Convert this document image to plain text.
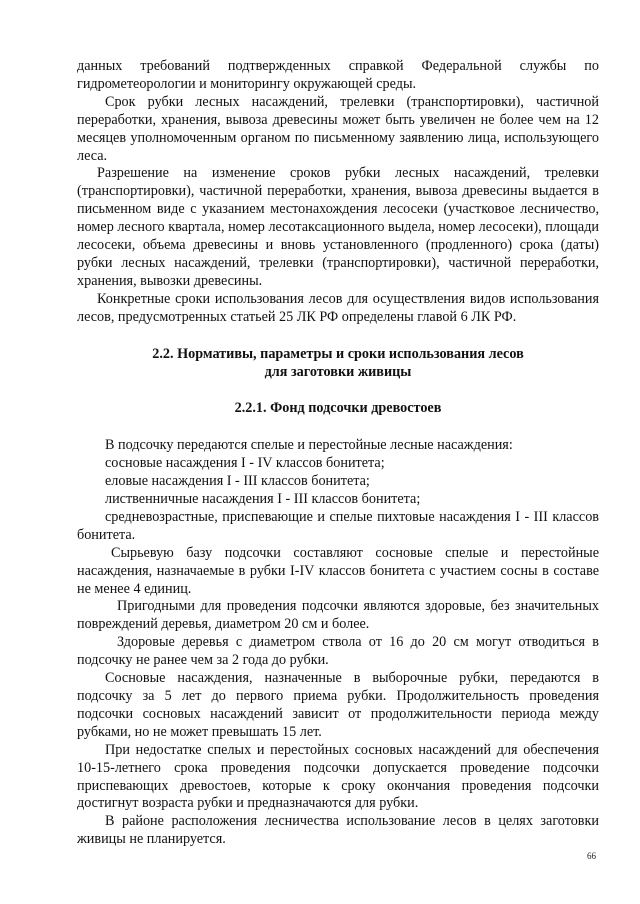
данных требований подтвержденных справкой Федеральной службы по гидрометеорологии и мониторингу окружающей среды.

Срок рубки лесных насаждений, трелевки (транспортировки), частичной переработки, хранения, вывоза древесины может быть увеличен не более чем на 12 месяцев уполномоченным органом по письменному заявлению лица, использующего леса.

Разрешение на изменение сроков рубки лесных насаждений, трелевки (транспортировки), частичной переработки, хранения, вывоза древесины выдается в письменном виде с указанием местонахождения лесосеки (участковое лесничество, номер лесного квартала, номер лесотаксационного выдела, номер лесосеки), площади лесосеки, объема древесины и вновь установленного (продленного) срока (даты) рубки лесных насаждений, трелевки (транспортировки), частичной переработки, хранения, вывозки древесины.

Конкретные сроки использования лесов для осуществления видов использования лесов, предусмотренных статьей 25 ЛК РФ определены главой 6 ЛК РФ.

2.2. Нормативы, параметры и сроки использования лесов для заготовки живицы

2.2.1. Фонд подсочки древостоев

В подсочку передаются спелые и перестойные лесные насаждения:

сосновые насаждения I - IV классов бонитета;

еловые насаждения I - III классов бонитета;

лиственничные насаждения I - III классов бонитета;

средневозрастные, приспевающие и спелые пихтовые насаждения I - III классов бонитета.

Сырьевую базу подсочки составляют сосновые спелые и перестойные насаждения, назначаемые в рубки I-IV классов бонитета с участием сосны в составе не менее 4 единиц.

Пригодными для проведения подсочки являются здоровые, без значительных повреждений деревья, диаметром 20 см и более.

Здоровые деревья с диаметром ствола от 16 до 20 см могут отводиться в подсочку не ранее чем за 2 года до рубки.

Сосновые насаждения, назначенные в выборочные рубки, передаются в подсочку за 5 лет до первого приема рубки. Продолжительность проведения подсочки сосновых насаждений зависит от продолжительности периода между рубками, но не может превышать 15 лет.

При недостатке спелых и перестойных сосновых насаждений для обеспечения 10-15-летнего срока проведения подсочки допускается проведение подсочки приспевающих древостоев, которые к сроку окончания проведения подсочки достигнут возраста рубки и предназначаются для рубки.

В районе расположения лесничества использование лесов в целях заготовки живицы не планируется.

66
